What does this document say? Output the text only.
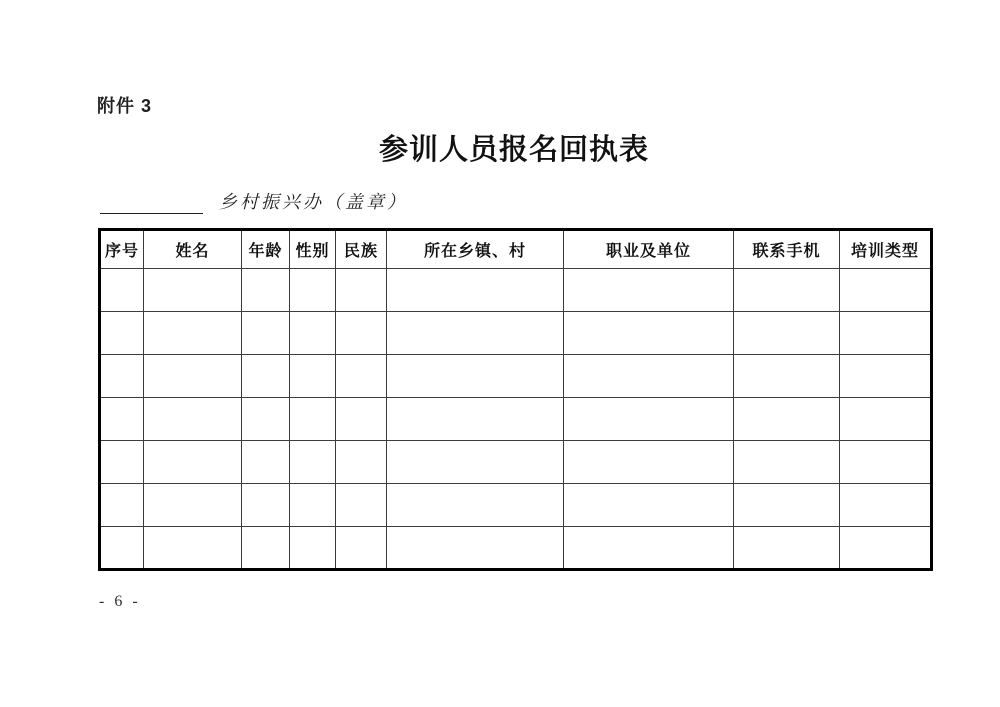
附件 3
参训人员报名回执表
乡村振兴办（盖章）
序号	姓名	年龄	性别	民族	所在乡镇、村	职业及单位	联系手机	培训类型

- 6 -
